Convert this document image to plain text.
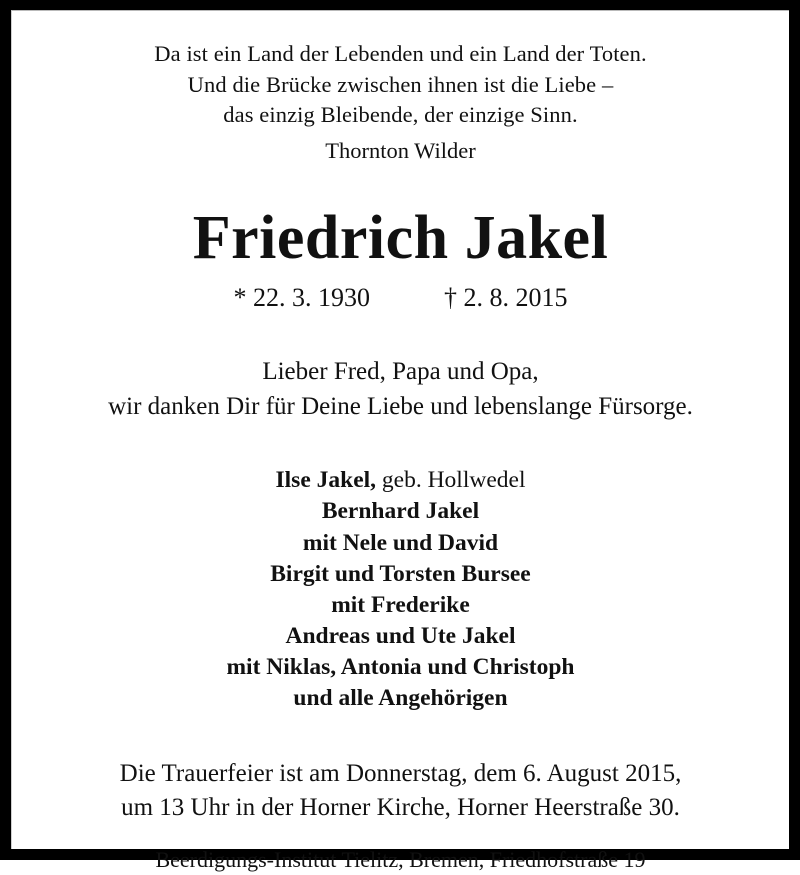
Da ist ein Land der Lebenden und ein Land der Toten.
Und die Brücke zwischen ihnen ist die Liebe –
das einzig Bleibende, der einzige Sinn.
Thornton Wilder
Friedrich Jakel
* 22. 3. 1930	† 2. 8. 2015
Lieber Fred, Papa und Opa,
wir danken Dir für Deine Liebe und lebenslange Fürsorge.
Ilse Jakel, geb. Hollwedel
Bernhard Jakel
mit Nele und David
Birgit und Torsten Bursee
mit Frederike
Andreas und Ute Jakel
mit Niklas, Antonia und Christoph
und alle Angehörigen
Die Trauerfeier ist am Donnerstag, dem 6. August 2015,
um 13 Uhr in der Horner Kirche, Horner Heerstraße 30.
Beerdigungs-Institut Tielitz, Bremen, Friedhofstraße 19
